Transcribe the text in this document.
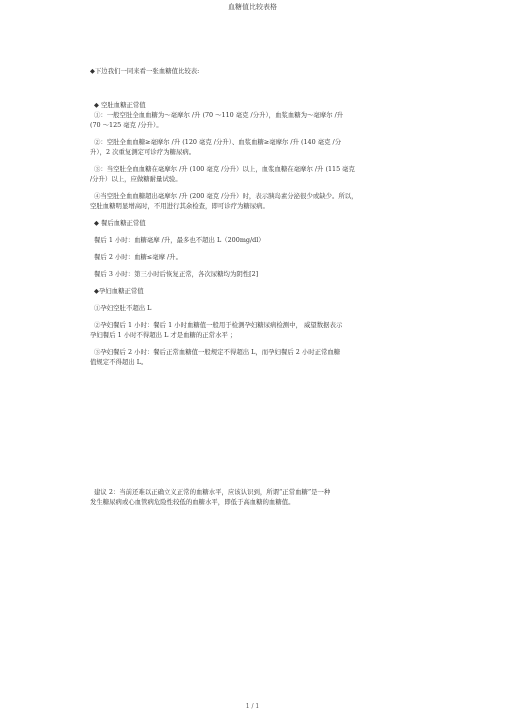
血糖值比较表格

◆下边我们一同来看一张血糖值比较表:

◆ 空肚血糖正常值

①：一般空肚全血血糖为～毫摩尔 /升 (70 ～110 毫克 /分升），血浆血糖为～毫摩尔 /升

(70 ～125 毫克 /分升）。

②：空肚全血血糖≥毫摩尔 /升 (120 毫克 /分升）、血浆血糖≥毫摩尔 /升 (140 毫克 /分

升），2 次重复测定可诊疗为糖尿病。

③：当空肚全血血糖在毫摩尔 /升 (100 毫克 /分升）以上，血浆血糖在毫摩尔 /升 (115 毫克

/分升）以上，应做糖耐量试验。

④当空肚全血血糖超出毫摩尔 /升 (200 毫克 /分升）时，表示胰岛素分泌很少或缺少。所以，

空肚血糖明显增高时，不用进行其余检查，即可诊疗为糖尿病。

◆ 餐后血糖正常值

餐后 1 小时：血糖毫摩 /升，最多也不超出 L（200mg/dl）

餐后 2 小时：血糖≤毫摩 /升。

餐后 3 小时：第三小时后恢复正常，各次尿糖均为阴性[2]

◆孕妇血糖正常值

①孕妇空肚不超出 L

②孕妇餐后 1 小时：餐后 1 小时血糖值一般用于检测孕妇糖尿病检测中， 威望数据表示

孕妇餐后 1 小时不得超出 L 才是血糖的正常水平 ；

③孕妇餐后 2 小时：餐后正常血糖值一般规定不得超出 L，而孕妇餐后 2 小时正常血糖

值规定不得超出 L。

建议 2：当前还难以正确立义正常的血糖水平，应该认识到，所谓“正常血糖”是一种

发生糖尿病或心血管病危险性较低的血糖水平，即低于高血糖的血糖值。

1 / 1
